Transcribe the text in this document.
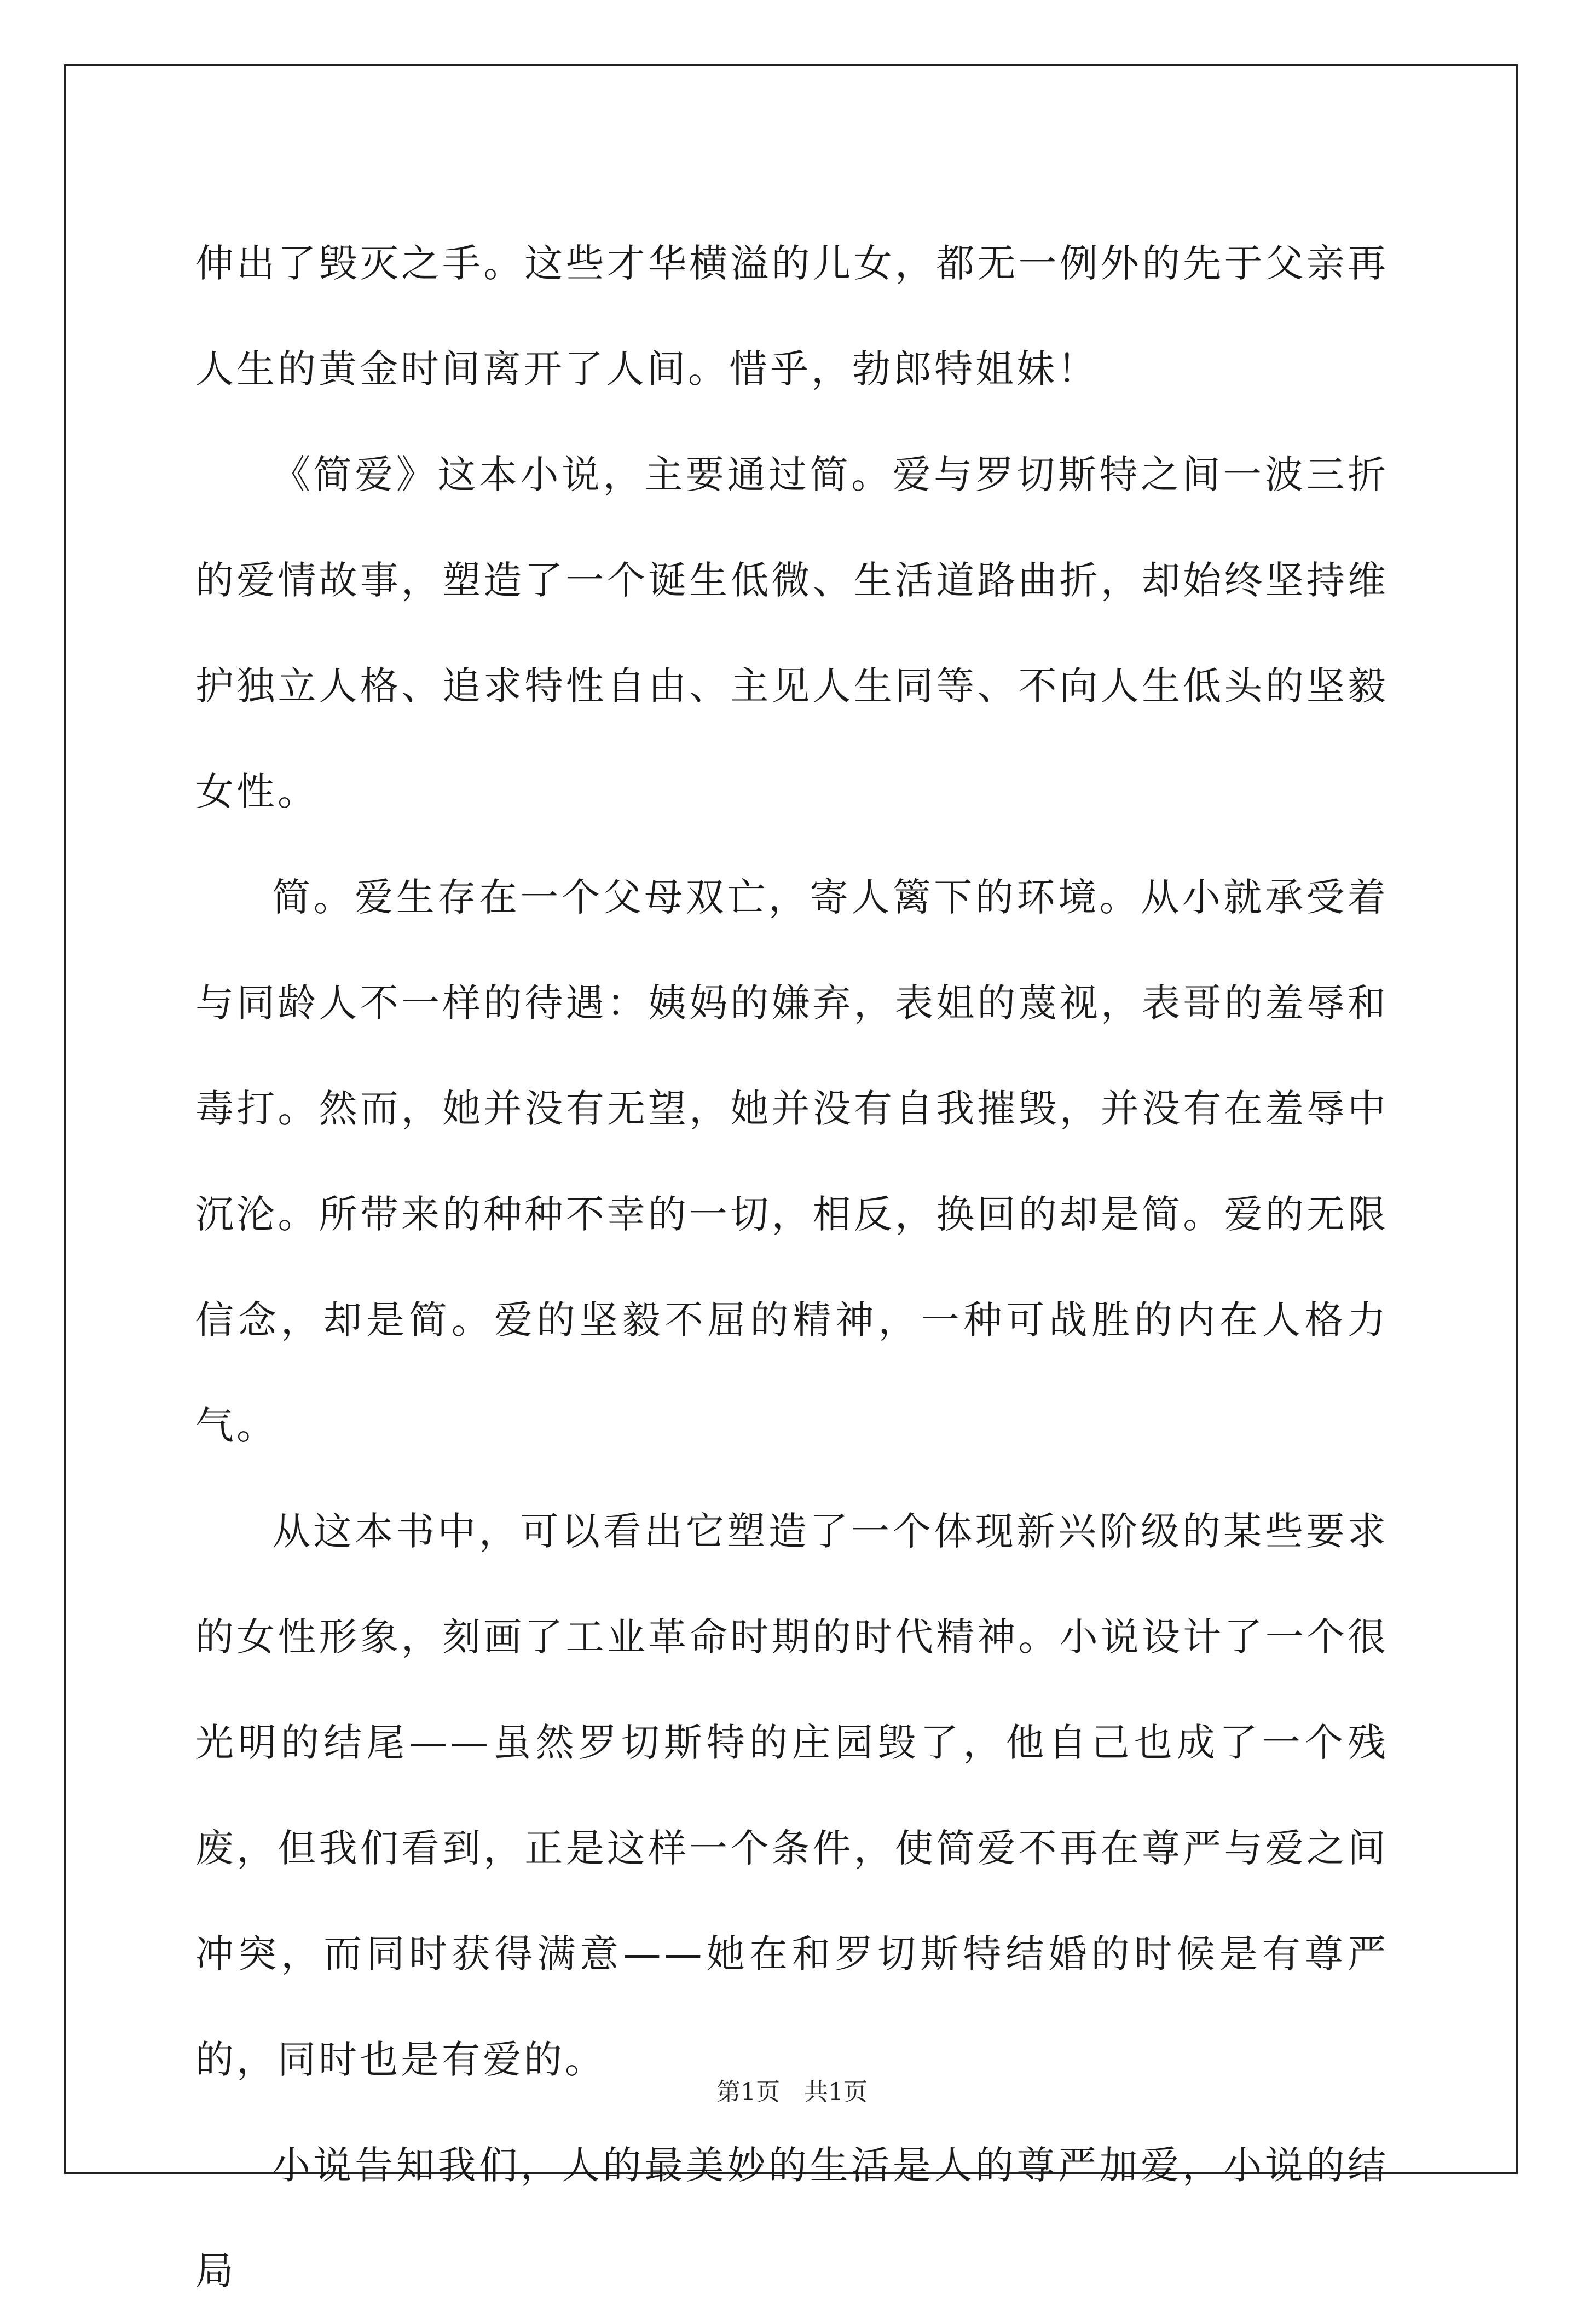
伸出了毁灭之手。这些才华横溢的儿女，都无一例外的先于父亲再人生的黄金时间离开了人间。惜乎，勃郎特姐妹！

《简爱》这本小说，主要通过简。爱与罗切斯特之间一波三折的爱情故事，塑造了一个诞生低微、生活道路曲折，却始终坚持维护独立人格、追求特性自由、主见人生同等、不向人生低头的坚毅女性。

简。爱生存在一个父母双亡，寄人篱下的环境。从小就承受着与同龄人不一样的待遇：姨妈的嫌弃，表姐的蔑视，表哥的羞辱和毒打。然而，她并没有无望，她并没有自我摧毁，并没有在羞辱中沉沦。所带来的种种不幸的一切，相反，换回的却是简。爱的无限信念，却是简。爱的坚毅不屈的精神，一种可战胜的内在人格力气。

从这本书中，可以看出它塑造了一个体现新兴阶级的某些要求的女性形象，刻画了工业革命时期的时代精神。小说设计了一个很光明的结尾——虽然罗切斯特的庄园毁了，他自己也成了一个残废，但我们看到，正是这样一个条件，使简爱不再在尊严与爱之间冲突，而同时获得满意——她在和罗切斯特结婚的时候是有尊严的，同时也是有爱的。

小说告知我们，人的最美妙的生活是人的尊严加爱，小说的结局

第1页 共1页
